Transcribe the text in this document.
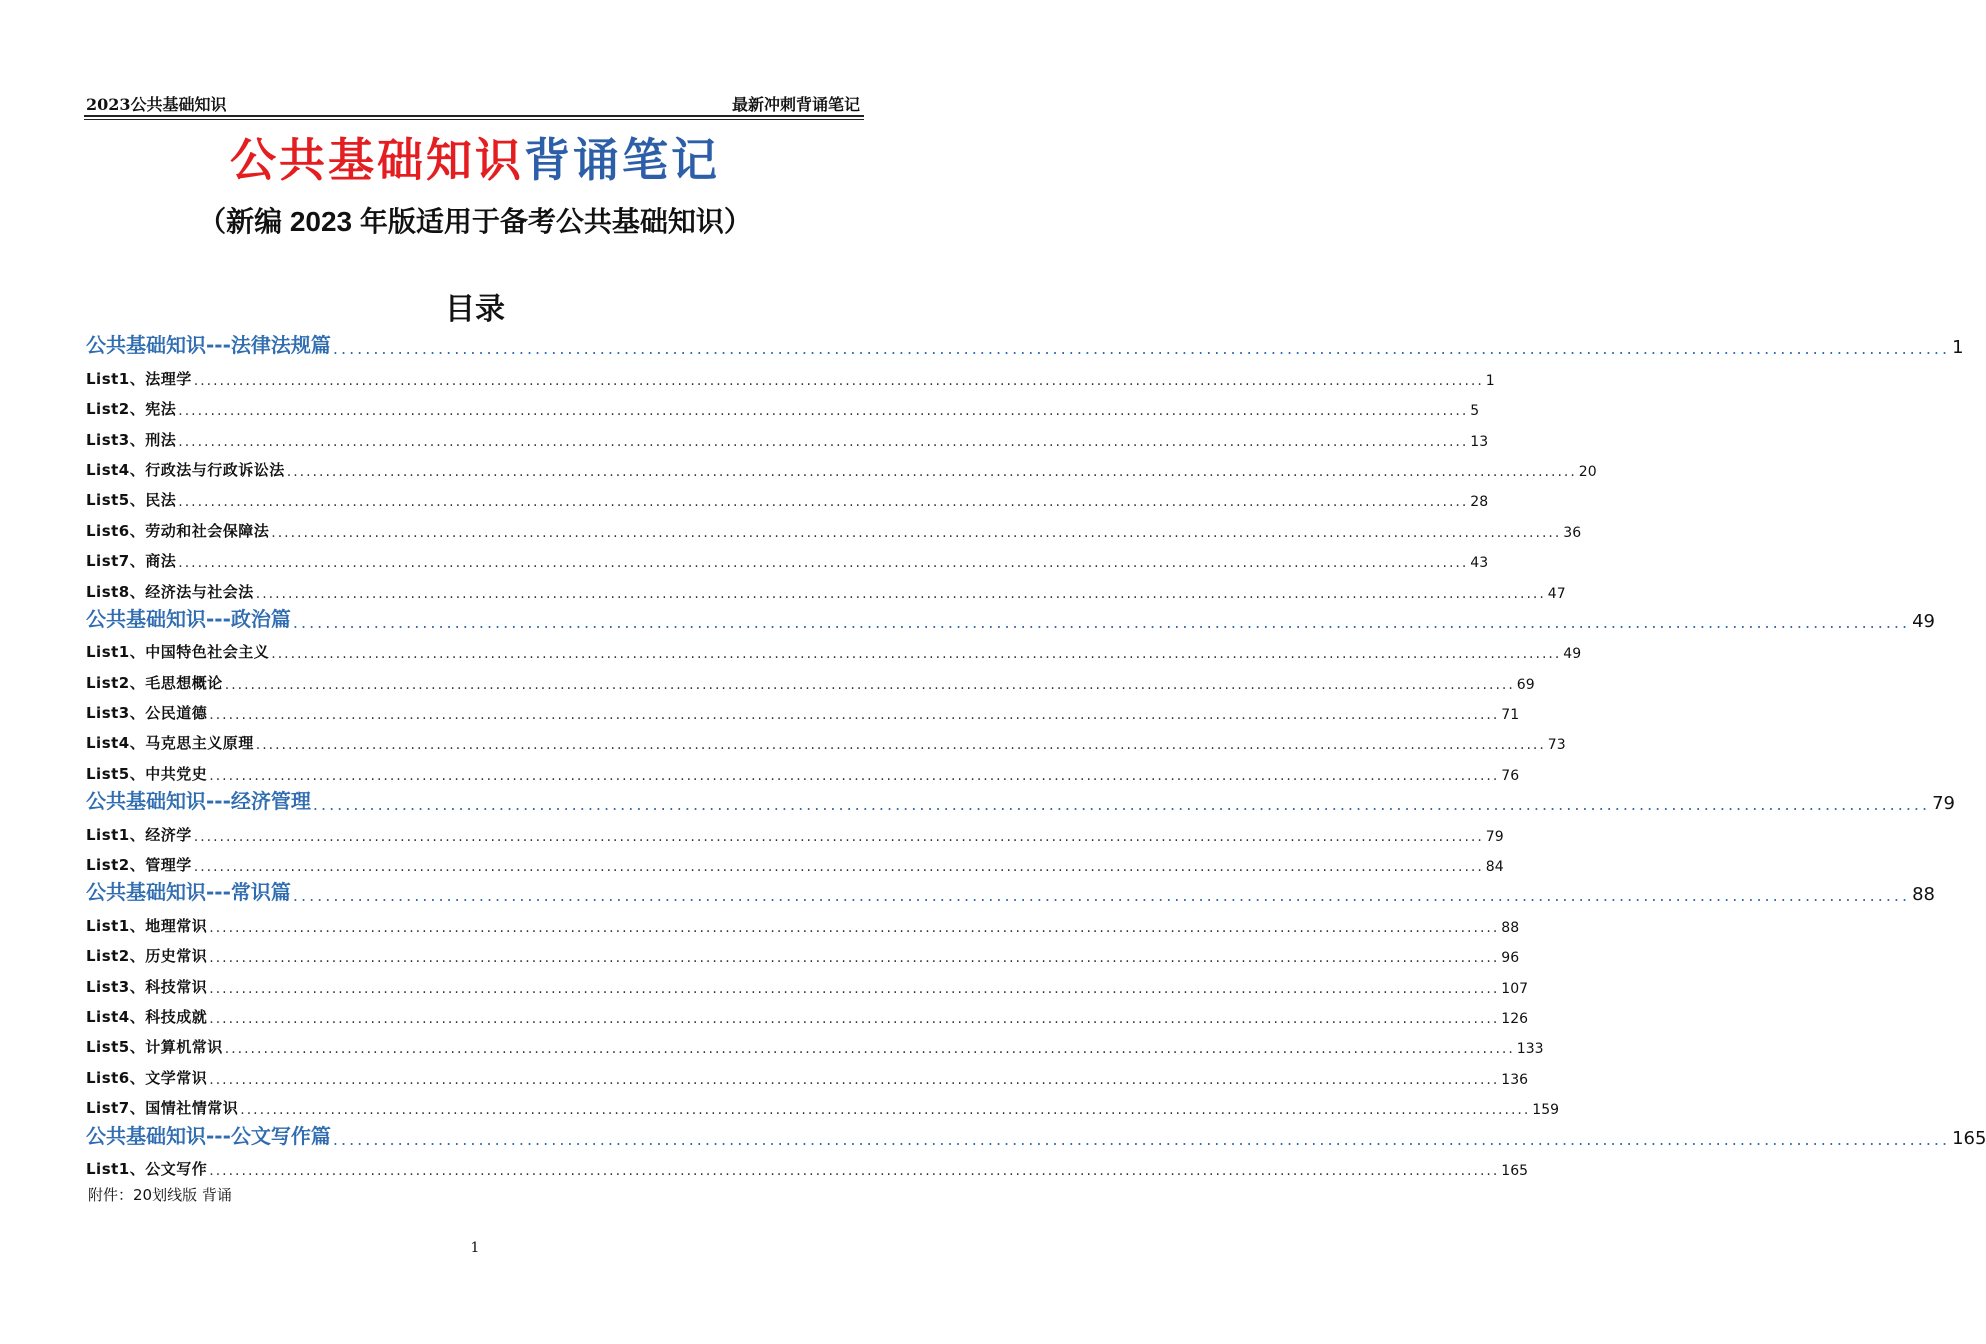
2023公共基础知识	最新冲刺背诵笔记
公共基础知识背诵笔记
（新编 2023 年版适用于备考公共基础知识）
目录
公共基础知识---法律法规篇 ........................................................................................................................................................................................................ 1
List1、法理学 ........................................................................................................................................................................................................ 1
List2、宪法 ........................................................................................................................................................................................................ 5
List3、刑法 ........................................................................................................................................................................................................ 13
List4、行政法与行政诉讼法 ........................................................................................................................................................................................................ 20
List5、民法 ........................................................................................................................................................................................................ 28
List6、劳动和社会保障法 ........................................................................................................................................................................................................ 36
List7、商法 ........................................................................................................................................................................................................ 43
List8、经济法与社会法 ........................................................................................................................................................................................................ 47
公共基础知识---政治篇 ........................................................................................................................................................................................................ 49
List1、中国特色社会主义 ........................................................................................................................................................................................................ 49
List2、毛思想概论 ........................................................................................................................................................................................................ 69
List3、公民道德 ........................................................................................................................................................................................................ 71
List4、马克思主义原理 ........................................................................................................................................................................................................ 73
List5、中共党史 ........................................................................................................................................................................................................ 76
公共基础知识---经济管理 ........................................................................................................................................................................................................ 79
List1、经济学 ........................................................................................................................................................................................................ 79
List2、管理学 ........................................................................................................................................................................................................ 84
公共基础知识---常识篇 ........................................................................................................................................................................................................ 88
List1、地理常识 ........................................................................................................................................................................................................ 88
List2、历史常识 ........................................................................................................................................................................................................ 96
List3、科技常识 ........................................................................................................................................................................................................ 107
List4、科技成就 ........................................................................................................................................................................................................ 126
List5、计算机常识 ........................................................................................................................................................................................................ 133
List6、文学常识 ........................................................................................................................................................................................................ 136
List7、国情社情常识 ........................................................................................................................................................................................................ 159
公共基础知识---公文写作篇 ........................................................................................................................................................................................................ 165
List1、公文写作 ........................................................................................................................................................................................................ 165
附件：20划线版 背诵
1
